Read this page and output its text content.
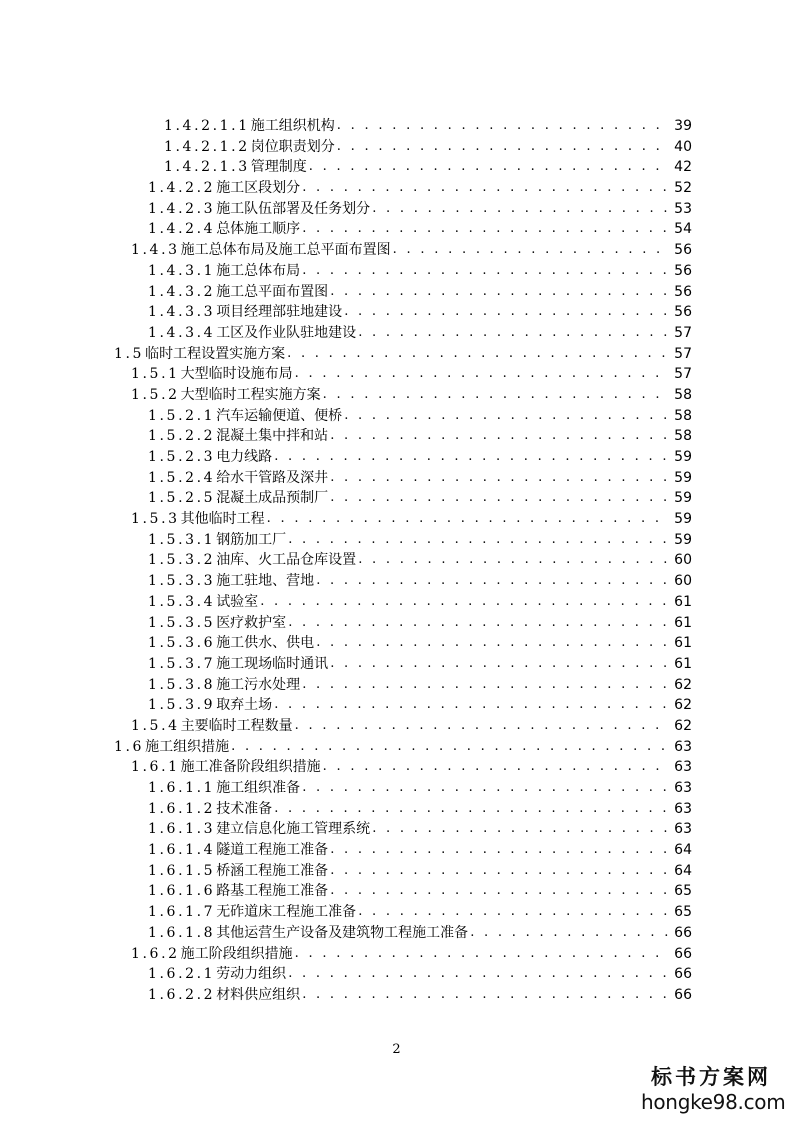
1.4.2.1.1 施工组织机构 . . .	39
1.4.2.1.2 岗位职责划分 . . .	40
1.4.2.1.3 管理制度 . . .	42
1.4.2.2 施工区段划分 . . .	52
1.4.2.3 施工队伍部署及任务划分 . . .	53
1.4.2.4 总体施工顺序 . . .	54
1.4.3 施工总体布局及施工总平面布置图 . . .	56
1.4.3.1 施工总体布局 . . .	56
1.4.3.2 施工总平面布置图 . . .	56
1.4.3.3 项目经理部驻地建设 . . .	56
1.4.3.4 工区及作业队驻地建设 . . .	57
1.5 临时工程设置实施方案 . . .	57
1.5.1 大型临时设施布局 . . .	57
1.5.2 大型临时工程实施方案 . . .	58
1.5.2.1 汽车运输便道、便桥 . . .	58
1.5.2.2 混凝土集中拌和站 . . .	58
1.5.2.3 电力线路 . . .	59
1.5.2.4 给水干管路及深井 . . .	59
1.5.2.5 混凝土成品预制厂 . . .	59
1.5.3 其他临时工程 . . .	59
1.5.3.1 钢筋加工厂 . . .	59
1.5.3.2 油库、火工品仓库设置 . . .	60
1.5.3.3 施工驻地、营地 . . .	60
1.5.3.4 试验室 . . .	61
1.5.3.5 医疗救护室 . . .	61
1.5.3.6 施工供水、供电 . . .	61
1.5.3.7 施工现场临时通讯 . . .	61
1.5.3.8 施工污水处理 . . .	62
1.5.3.9 取弃土场 . . .	62
1.5.4 主要临时工程数量 . . .	62
1.6 施工组织措施 . . .	63
1.6.1 施工准备阶段组织措施 . . .	63
1.6.1.1 施工组织准备 . . .	63
1.6.1.2 技术准备 . . .	63
1.6.1.3 建立信息化施工管理系统 . . .	63
1.6.1.4 隧道工程施工准备 . . .	64
1.6.1.5 桥涵工程施工准备 . . .	64
1.6.1.6 路基工程施工准备 . . .	65
1.6.1.7 无砟道床工程施工准备 . . .	65
1.6.1.8 其他运营生产设备及建筑物工程施工准备 . . .	66
1.6.2 施工阶段组织措施 . . .	66
1.6.2.1 劳动力组织 . . .	66
1.6.2.2 材料供应组织 . . .	66
2
标书方案网
hongke98.com
